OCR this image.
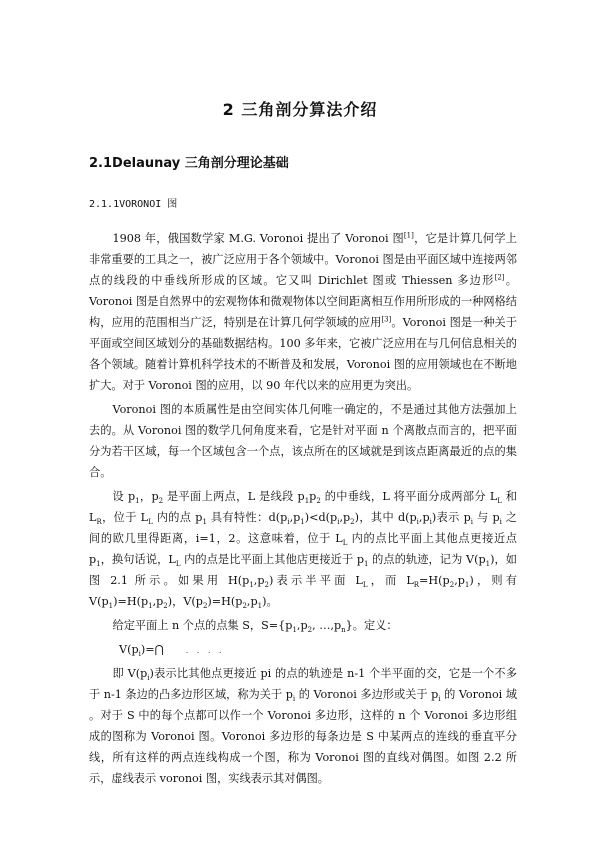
2 三角剖分算法介绍
2.1Delaunay 三角剖分理论基础
2.1.1VORONOI 图

1908 年，俄国数学家 M.G. Voronoi 提出了 Voronoi 图[1]，它是计算几何学上非常重要的工具之一，被广泛应用于各个领域中。Voronoi 图是由平面区域中连接两邻点的线段的中垂线所形成的区域。它又叫 Dirichlet 图或 Thiessen 多边形[2]。Voronoi 图是自然界中的宏观物体和微观物体以空间距离相互作用所形成的一种网格结构，应用的范围相当广泛，特别是在计算几何学领域的应用[3]。Voronoi 图是一种关于平面或空间区域划分的基础数据结构。100 多年来，它被广泛应用在与几何信息相关的各个领域。随着计算机科学技术的不断普及和发展，Voronoi 图的应用领域也在不断地扩大。对于 Voronoi 图的应用，以 90 年代以来的应用更为突出。

Voronoi 图的本质属性是由空间实体几何唯一确定的，不是通过其他方法强加上去的。从 Voronoi 图的数学几何角度来看，它是针对平面 n 个离散点而言的，把平面分为若干区域，每一个区域包含一个点，该点所在的区域就是到该点距离最近的点的集合。

设 $p_1$，$p_2$ 是平面上两点，L 是线段 $p_1p_2$ 的中垂线，L 将平面分成两部分 $L_L$ 和 $L_R$，位于 $L_L$ 内的点 $p_1$ 具有特性：$d(p_i,p_1)<d(p_i,p_2)$，其中 $d(p_i,p_i)$表示 $p_i$ 与 $p_i$ 之间的欧几里得距离，i=1，2。这意味着，位于 $L_L$ 内的点比平面上其他点更接近点 $p_1$，换句话说，$L_L$ 内的点是比平面上其他店更接近于 $p_1$ 的点的轨迹，记为 $V(p_1)$，如图 2.1 所示。如果用 $H(p_1,p_2)$表示半平面 $L_L$，而 $L_R=H(p_2,p_1)$，则有 $V(p_1)=H(p_1,p_2)$，$V(p_2)=H(p_2,p_1)$。

给定平面上 n 个点的点集 S，$S=\{p_1,p_2$, $\dots,p_n$}。定义：

$V(p_i)=⋂$	. . . .

即 $V(p_i)$表示比其他点更接近 pi 的点的轨迹是 n-1 个半平面的交，它是一个不多于 n-1 条边的凸多边形区域，称为关于 $p_i$ 的 Voronoi 多边形或关于 $p_i$ 的 Voronoi 域 。对于 S 中的每个点都可以作一个 Voronoi 多边形，这样的 n 个 Voronoi 多边形组成的图称为 Voronoi 图。Voronoi 多边形的每条边是 S 中某两点的连线的垂直平分线，所有这样的两点连线构成一个图，称为 Voronoi 图的直线对偶图。如图 2.2 所示，虚线表示 voronoi 图，实线表示其对偶图。
